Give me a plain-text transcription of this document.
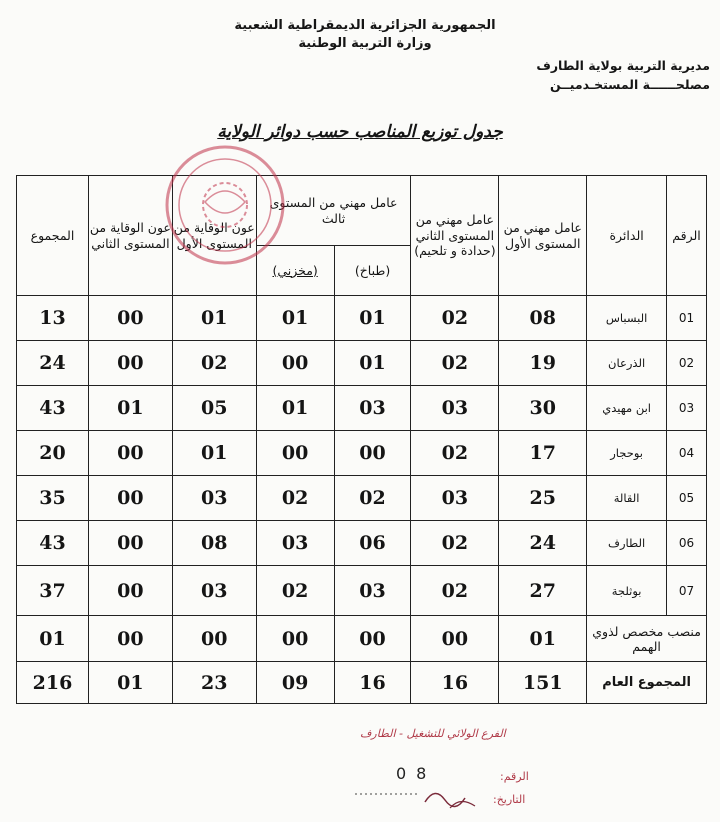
الجمهورية الجزائرية الديمقراطية الشعبية
وزارة التربية الوطنية
مديرية التربية بولاية الطارف
مصلحــــــة المستخـدميــن
جدول توزيع المناصب حسب دوائر الولاية
الرقم	الدائرة	عامل مهني من المستوى الأول	عامل مهني من المستوى الثاني (حدادة و تلحيم)	عامل مهني من المستوى ثالث		عون الوقاية من المستوى الأول	عون الوقاية من المستوى الثاني	المجموع
				(طباخ)	(مخزني)			
01	البسباس	08	02	01	01	01	00	13
02	الذرعان	19	02	01	00	02	00	24
03	ابن مهيدي	30	03	03	01	05	01	43
04	بوحجار	17	02	00	00	01	00	20
05	القالة	25	03	02	02	03	00	35
06	الطارف	24	02	06	03	08	00	43
07	بوثلجة	27	02	03	02	03	00	37
منصب مخصص لذوي الهمم		01	00	00	00	00	00	01
المجموع العام		151	16	16	09	23	01	216
الفرع الولائي للتشغيل - الطارف
الرقم:
08
التاريخ:
